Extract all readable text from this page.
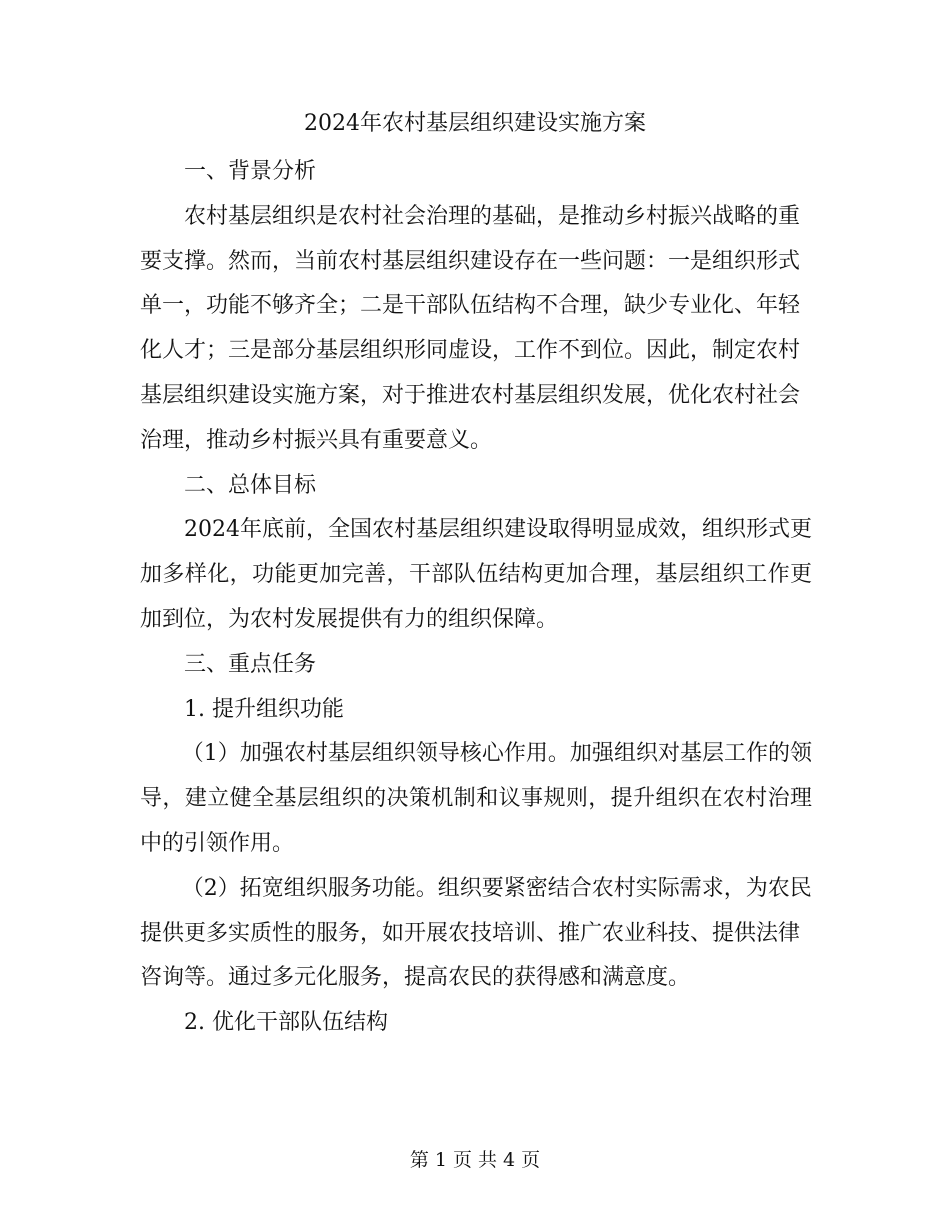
2024年农村基层组织建设实施方案

一、背景分析

农村基层组织是农村社会治理的基础，是推动乡村振兴战略的重要支撑。然而，当前农村基层组织建设存在一些问题：一是组织形式单一，功能不够齐全；二是干部队伍结构不合理，缺少专业化、年轻化人才；三是部分基层组织形同虚设，工作不到位。因此，制定农村基层组织建设实施方案，对于推进农村基层组织发展，优化农村社会治理，推动乡村振兴具有重要意义。

二、总体目标

2024年底前，全国农村基层组织建设取得明显成效，组织形式更加多样化，功能更加完善，干部队伍结构更加合理，基层组织工作更加到位，为农村发展提供有力的组织保障。

三、重点任务

1. 提升组织功能

（1）加强农村基层组织领导核心作用。加强组织对基层工作的领导，建立健全基层组织的决策机制和议事规则，提升组织在农村治理中的引领作用。

（2）拓宽组织服务功能。组织要紧密结合农村实际需求，为农民提供更多实质性的服务，如开展农技培训、推广农业科技、提供法律咨询等。通过多元化服务，提高农民的获得感和满意度。

2. 优化干部队伍结构

第 1 页 共 4 页
